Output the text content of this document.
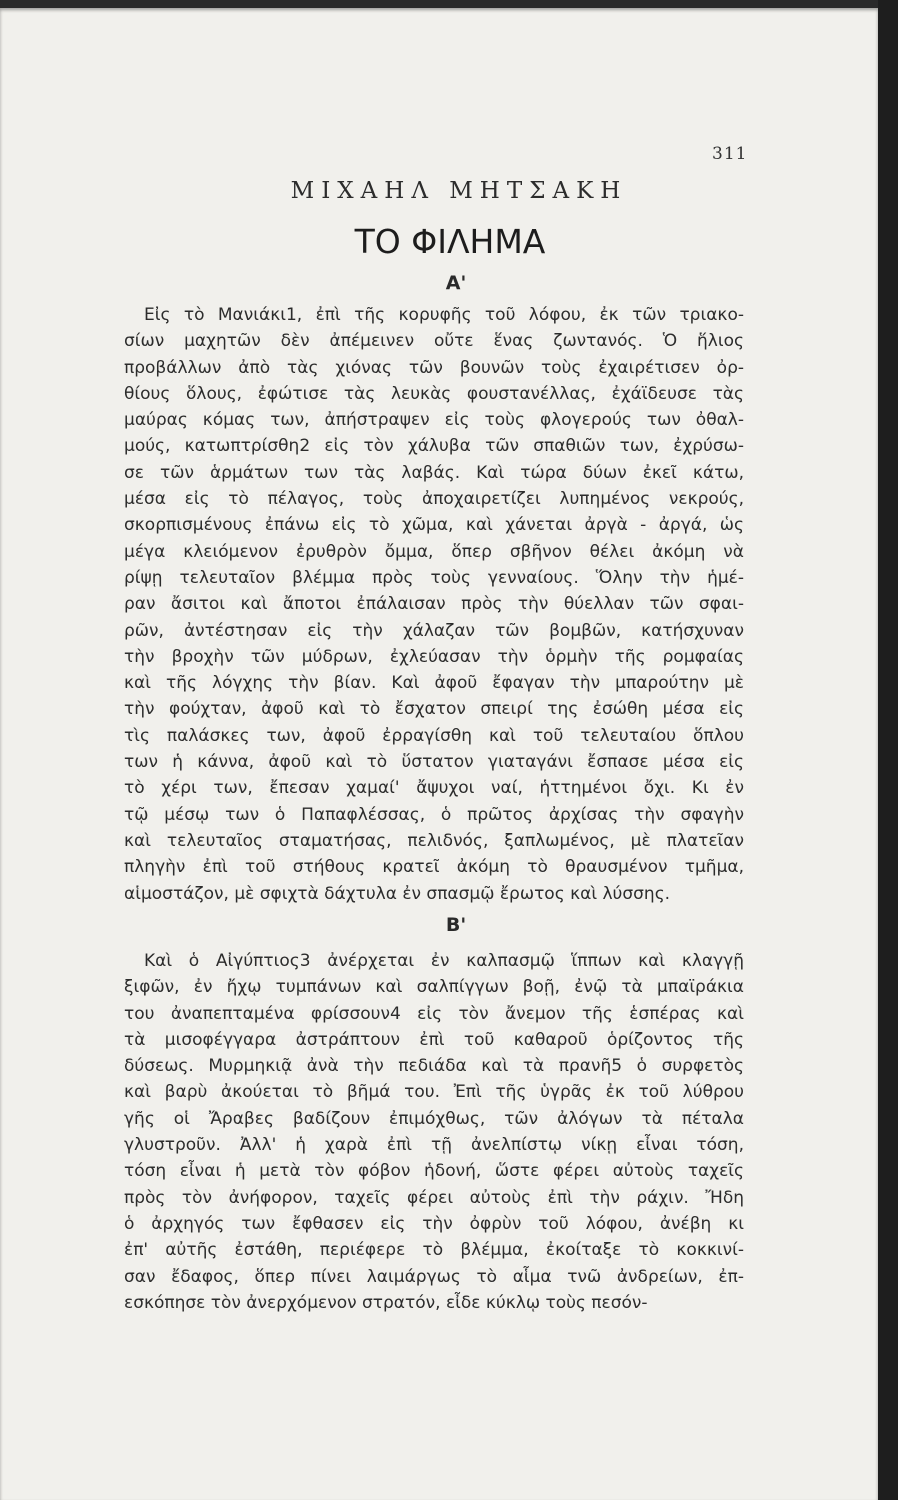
311
ΜΙΧΑΗΛ ΜΗΤΣΑΚΗ
ΤΟ ΦΙΛΗΜΑ
Α'
Εἰς τὸ Μανιάκι1, ἐπὶ τῆς κορυφῆς τοῦ λόφου, ἐκ τῶν τριακο-
σίων μαχητῶν δὲν ἀπέμεινεν οὔτε ἕνας ζωντανός. Ὁ ἥλιος
προβάλλων ἀπὸ τὰς χιόνας τῶν βουνῶν τοὺς ἐχαιρέτισεν ὀρ-
θίους ὅλους, ἐφώτισε τὰς λευκὰς φουστανέλλας, ἐχάϊδευσε τὰς
μαύρας κόμας των, ἀπήστραψεν εἰς τοὺς φλογερούς των ὀθαλ-
μούς, κατωπτρίσθη2 εἰς τὸν χάλυβα τῶν σπαθιῶν των, ἐχρύσω-
σε τῶν ἁρμάτων των τὰς λαβάς. Καὶ τώρα δύων ἐκεῖ κάτω,
μέσα εἰς τὸ πέλαγος, τοὺς ἀποχαιρετίζει λυπημένος νεκρούς,
σκορπισμένους ἐπάνω εἰς τὸ χῶμα, καὶ χάνεται ἀργὰ - ἀργά, ὡς
μέγα κλειόμενον ἐρυθρὸν ὄμμα, ὅπερ σβῆνον θέλει ἀκόμη νὰ
ρίψῃ τελευταῖον βλέμμα πρὸς τοὺς γενναίους. Ὅλην τὴν ἡμέ-
ραν ἄσιτοι καὶ ἄποτοι ἐπάλαισαν πρὸς τὴν θύελλαν τῶν σφαι-
ρῶν, ἀντέστησαν εἰς τὴν χάλαζαν τῶν βομβῶν, κατήσχυναν
τὴν βροχὴν τῶν μύδρων, ἐχλεύασαν τὴν ὁρμὴν τῆς ρομφαίας
καὶ τῆς λόγχης τὴν βίαν. Καὶ ἀφοῦ ἔφαγαν τὴν μπαρούτην μὲ
τὴν φούχταν, ἀφοῦ καὶ τὸ ἔσχατον σπειρί της ἐσώθη μέσα εἰς
τὶς παλάσκες των, ἀφοῦ ἐρραγίσθη καὶ τοῦ τελευταίου ὅπλου
των ἡ κάννα, ἀφοῦ καὶ τὸ ὕστατον γιαταγάνι ἔσπασε μέσα εἰς
τὸ χέρι των, ἔπεσαν χαμαί' ἄψυχοι ναί, ἡττημένοι ὄχι. Κι ἐν
τῷ μέσῳ των ὁ Παπαφλέσσας, ὁ πρῶτος ἀρχίσας τὴν σφαγὴν
καὶ τελευταῖος σταματήσας, πελιδνός, ξαπλωμένος, μὲ πλατεῖαν
πληγὴν ἐπὶ τοῦ στήθους κρατεῖ ἀκόμη τὸ θραυσμένον τμῆμα,
αἱμοστάζον, μὲ σφιχτὰ δάχτυλα ἐν σπασμῷ ἔρωτος καὶ λύσσης.
Β'
Καὶ ὁ Αἰγύπτιος3 ἀνέρχεται ἐν καλπασμῷ ἵππων καὶ κλαγγῇ
ξιφῶν, ἐν ἤχῳ τυμπάνων καὶ σαλπίγγων βοῇ, ἐνῷ τὰ μπαϊράκια
του ἀναπεπταμένα φρίσσουν4 εἰς τὸν ἄνεμον τῆς ἑσπέρας καὶ
τὰ μισοφέγγαρα ἀστράπτουν ἐπὶ τοῦ καθαροῦ ὁρίζοντος τῆς
δύσεως. Μυρμηκιᾷ ἀνὰ τὴν πεδιάδα καὶ τὰ πρανῆ5 ὁ συρφετὸς
καὶ βαρὺ ἀκούεται τὸ βῆμά του. Ἐπὶ τῆς ὑγρᾶς ἐκ τοῦ λύθρου
γῆς οἱ Ἄραβες βαδίζουν ἐπιμόχθως, τῶν ἀλόγων τὰ πέταλα
γλυστροῦν. Ἀλλ' ἡ χαρὰ ἐπὶ τῇ ἀνελπίστῳ νίκῃ εἶναι τόση,
τόση εἶναι ἡ μετὰ τὸν φόβον ἡδονή, ὥστε φέρει αὐτοὺς ταχεῖς
πρὸς τὸν ἀνήφορον, ταχεῖς φέρει αὐτοὺς ἐπὶ τὴν ράχιν. Ἤδη
ὁ ἀρχηγός των ἔφθασεν εἰς τὴν ὀφρὺν τοῦ λόφου, ἀνέβη κι
ἐπ' αὐτῆς ἐστάθη, περιέφερε τὸ βλέμμα, ἐκοίταξε τὸ κοκκινί-
σαν ἔδαφος, ὅπερ πίνει λαιμάργως τὸ αἷμα τνῶ ἀνδρείων, ἐπ-
εσκόπησε τὸν ἀνερχόμενον στρατόν, εἶδε κύκλῳ τοὺς πεσόν-
